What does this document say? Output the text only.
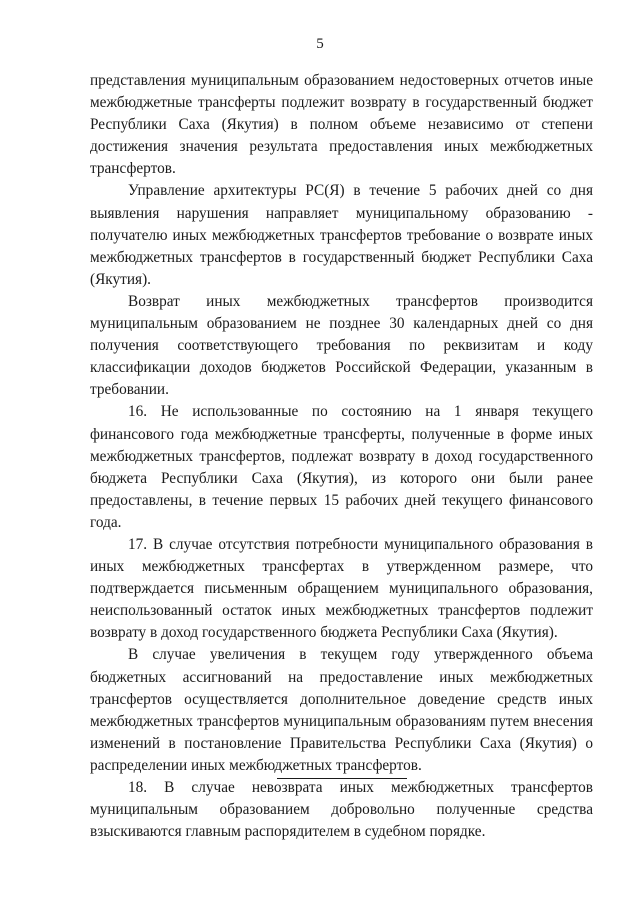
5

представления муниципальным образованием недостоверных отчетов иные межбюджетные трансферты подлежит возврату в государственный бюджет Республики Саха (Якутия) в полном объеме независимо от степени достижения значения результата предоставления иных межбюджетных трансфертов.

Управление архитектуры РС(Я) в течение 5 рабочих дней со дня выявления нарушения направляет муниципальному образованию - получателю иных межбюджетных трансфертов требование о возврате иных межбюджетных трансфертов в государственный бюджет Республики Саха (Якутия).

Возврат иных межбюджетных трансфертов производится муниципальным образованием не позднее 30 календарных дней со дня получения соответствующего требования по реквизитам и коду классификации доходов бюджетов Российской Федерации, указанным в требовании.

16. Не использованные по состоянию на 1 января текущего финансового года межбюджетные трансферты, полученные в форме иных межбюджетных трансфертов, подлежат возврату в доход государственного бюджета Республики Саха (Якутия), из которого они были ранее предоставлены, в течение первых 15 рабочих дней текущего финансового года.

17. В случае отсутствия потребности муниципального образования в иных межбюджетных трансфертах в утвержденном размере, что подтверждается письменным обращением муниципального образования, неиспользованный остаток иных межбюджетных трансфертов подлежит возврату в доход государственного бюджета Республики Саха (Якутия).

В случае увеличения в текущем году утвержденного объема бюджетных ассигнований на предоставление иных межбюджетных трансфертов осуществляется дополнительное доведение средств иных межбюджетных трансфертов муниципальным образованиям путем внесения изменений в постановление Правительства Республики Саха (Якутия) о распределении иных межбюджетных трансфертов.

18. В случае невозврата иных межбюджетных трансфертов муниципальным образованием добровольно полученные средства взыскиваются главным распорядителем в судебном порядке.
